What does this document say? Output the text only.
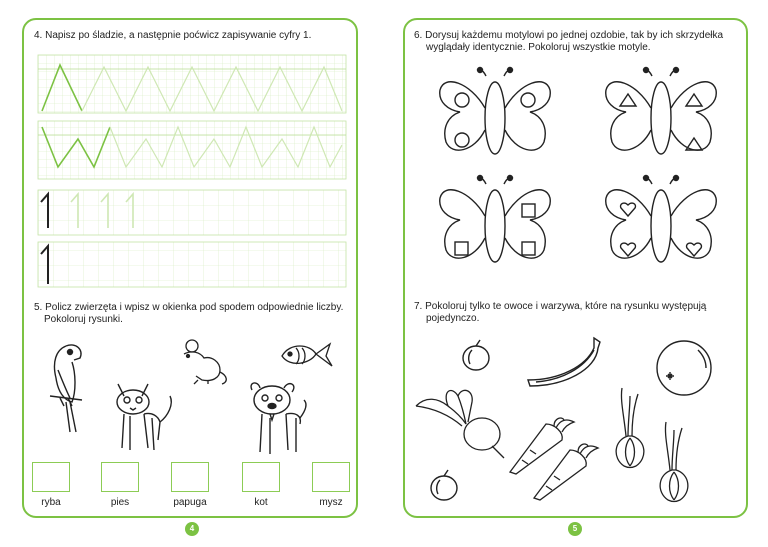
4. Napisz po śladzie, a następnie poćwicz zapisywanie cyfry 1.
5. Policz zwierzęta i wpisz w okienka pod spodem odpowiednie liczby.
Pokoloruj rysunki.
ryba	pies	papuga	kot	mysz
4
6. Dorysuj każdemu motylowi po jednej ozdobie, tak by ich skrzydełka
wyglądały identycznie. Pokoloruj wszystkie motyle.
7. Pokoloruj tylko te owoce i warzywa, które na rysunku występują
pojedynczo.
5
